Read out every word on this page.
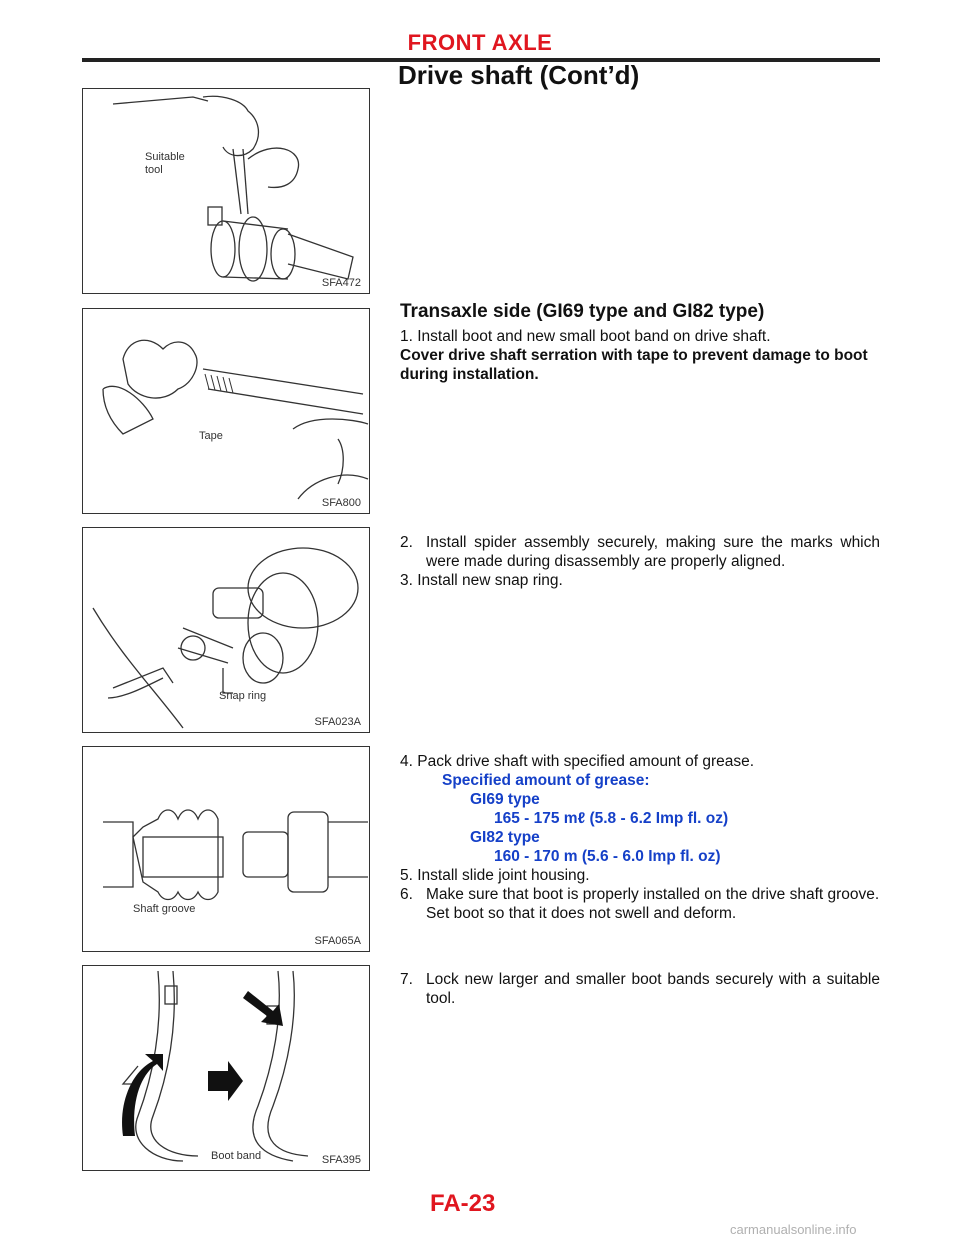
FRONT AXLE
Drive shaft (Cont’d)
Suitable
tool
SFA472
Tape
SFA800
Snap ring
SFA023A
Shaft groove
SFA065A
Boot band	SFA395
Transaxle side (GI69 type and GI82 type)
1. Install boot and new small boot band on drive shaft.
Cover drive shaft serration with tape to prevent damage to boot during installation.
2. Install spider assembly securely, making sure the marks which were made during disassembly are properly aligned.
3. Install new snap ring.
4. Pack drive shaft with specified amount of grease.
Specified amount of grease:
GI69 type
165 - 175 mℓ (5.8 - 6.2 Imp fl. oz)
GI82 type
160 - 170 m (5.6 - 6.0 Imp fl. oz)
5. Install slide joint housing.
6. Make sure that boot is properly installed on the drive shaft groove.
Set boot so that it does not swell and deform.
7. Lock new larger and smaller boot bands securely with a suitable tool.
FA-23
carmanualsonline.info
